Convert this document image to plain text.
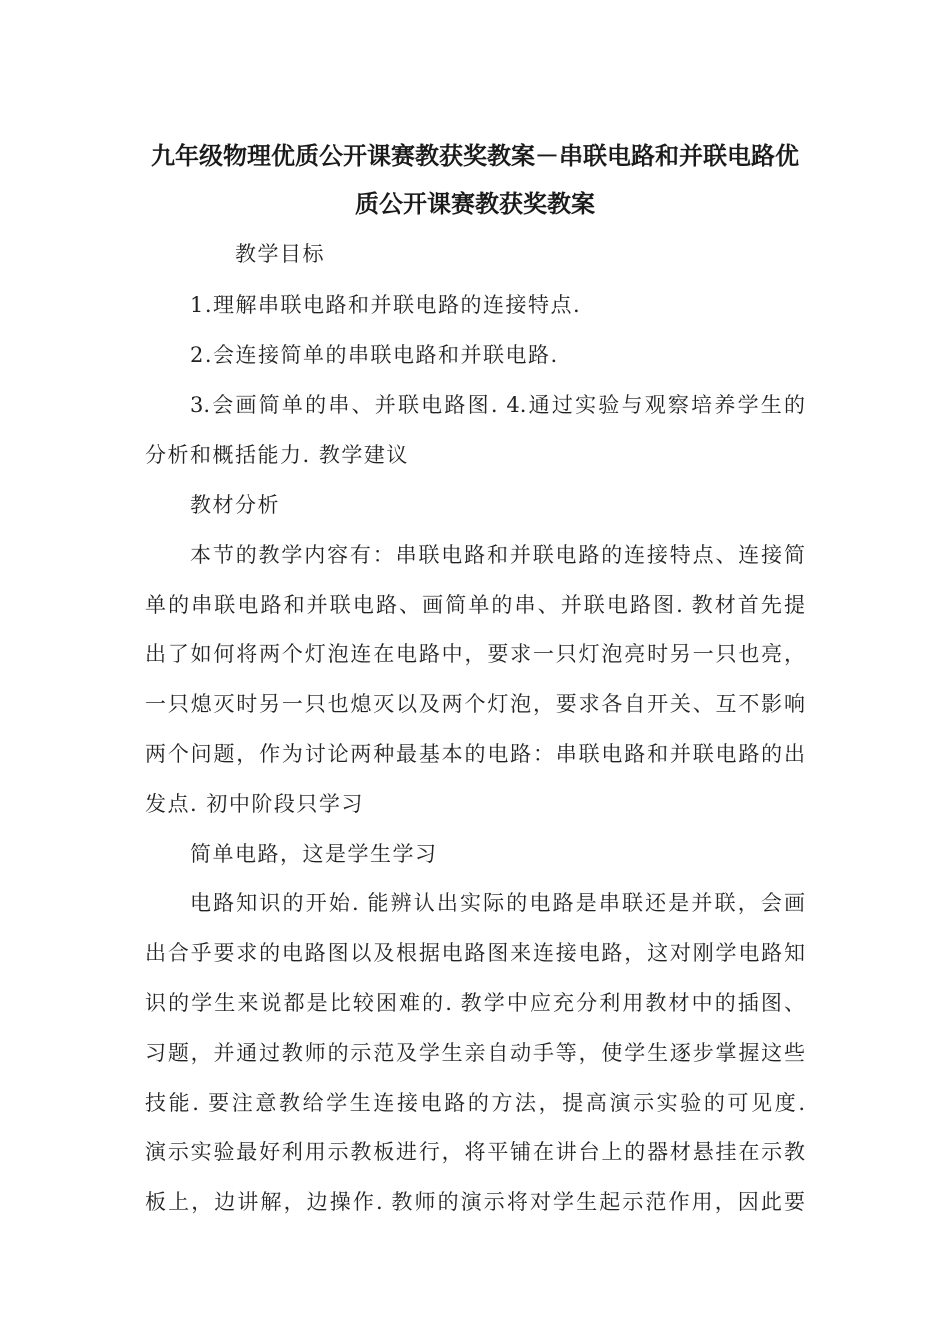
九年级物理优质公开课赛教获奖教案－串联电路和并联电路优
质公开课赛教获奖教案

教学目标

1.理解串联电路和并联电路的连接特点.

2.会连接简单的串联电路和并联电路.

3.会画简单的串、并联电路图. 4.通过实验与观察培养学生的

分析和概括能力. 教学建议

教材分析

本节的教学内容有：串联电路和并联电路的连接特点、连接简

单的串联电路和并联电路、画简单的串、并联电路图. 教材首先提

出了如何将两个灯泡连在电路中，要求一只灯泡亮时另一只也亮，

一只熄灭时另一只也熄灭以及两个灯泡，要求各自开关、互不影响

两个问题，作为讨论两种最基本的电路：串联电路和并联电路的出

发点. 初中阶段只学习

简单电路，这是学生学习

电路知识的开始. 能辨认出实际的电路是串联还是并联，会画

出合乎要求的电路图以及根据电路图来连接电路，这对刚学电路知

识的学生来说都是比较困难的. 教学中应充分利用教材中的插图、

习题，并通过教师的示范及学生亲自动手等，使学生逐步掌握这些

技能. 要注意教给学生连接电路的方法，提高演示实验的可见度.

演示实验最好利用示教板进行，将平铺在讲台上的器材悬挂在示教

板上，边讲解，边操作. 教师的演示将对学生起示范作用，因此要
